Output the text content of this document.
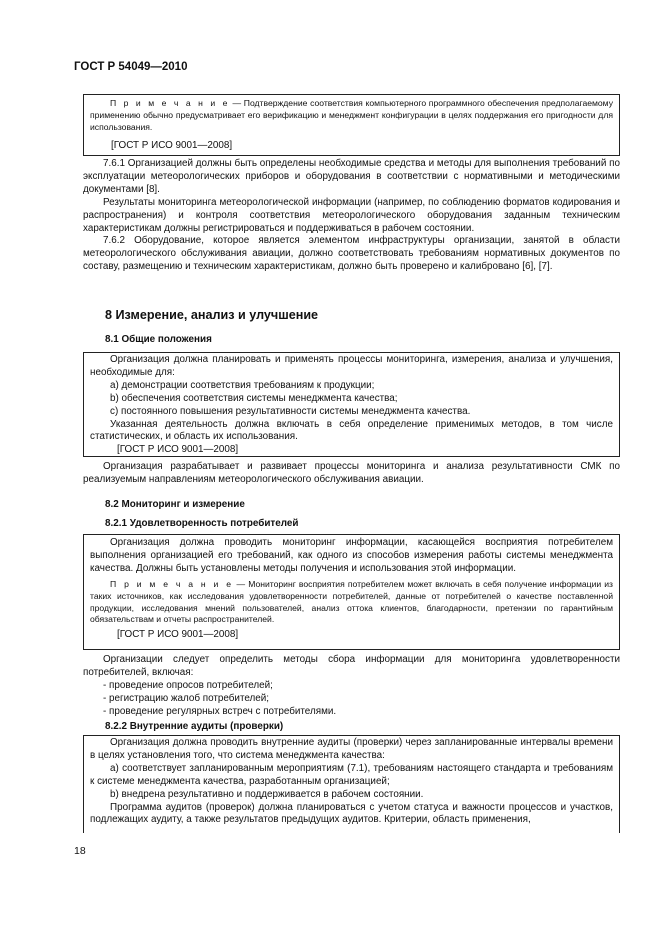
ГОСТ Р 54049—2010

П р и м е ч а н и е — Подтверждение соответствия компьютерного программного обеспечения предполагаемому применению обычно предусматривает его верификацию и менеджмент конфигурации в целях поддержания его пригодности для использования.

[ГОСТ Р ИСО 9001—2008]

7.6.1 Организацией должны быть определены необходимые средства и методы для выполнения требований по эксплуатации метеорологических приборов и оборудования в соответствии с нормативными и методическими документами [8].

Результаты мониторинга метеорологической информации (например, по соблюдению форматов кодирования и распространения) и контроля соответствия метеорологического оборудования заданным техническим характеристикам должны регистрироваться и поддерживаться в рабочем состоянии.

7.6.2 Оборудование, которое является элементом инфраструктуры организации, занятой в области метеорологического обслуживания авиации, должно соответствовать требованиям нормативных документов по составу, размещению и техническим характеристикам, должно быть проверено и калибровано [6], [7].

8 Измерение, анализ и улучшение
8.1 Общие положения

Организация должна планировать и применять процессы мониторинга, измерения, анализа и улучшения, необходимые для:

a) демонстрации соответствия требованиям к продукции;

b) обеспечения соответствия системы менеджмента качества;

c) постоянного повышения результативности системы менеджмента качества.

Указанная деятельность должна включать в себя определение применимых методов, в том числе статистических, и область их использования.

[ГОСТ Р ИСО 9001—2008]

Организация разрабатывает и развивает процессы мониторинга и анализа результативности СМК по реализуемым направлениям метеорологического обслуживания авиации.

8.2 Мониторинг и измерение
8.2.1 Удовлетворенность потребителей

Организация должна проводить мониторинг информации, касающейся восприятия потребителем выполнения организацией его требований, как одного из способов измерения работы системы менеджмента качества. Должны быть установлены методы получения и использования этой информации.

П р и м е ч а н и е — Мониторинг восприятия потребителем может включать в себя получение информации из таких источников, как исследования удовлетворенности потребителей, данные от потребителей о качестве поставленной продукции, исследования мнений пользователей, анализ оттока клиентов, благодарности, претензии по гарантийным обязательствам и отчеты распространителей.

[ГОСТ Р ИСО 9001—2008]

Организации следует определить методы сбора информации для мониторинга удовлетворенности потребителей, включая:

- проведение опросов потребителей;

- регистрацию жалоб потребителей;

- проведение регулярных встреч с потребителями.

8.2.2 Внутренние аудиты (проверки)

Организация должна проводить внутренние аудиты (проверки) через запланированные интервалы времени в целях установления того, что система менеджмента качества:

а) соответствует запланированным мероприятиям (7.1), требованиям настоящего стандарта и требованиям к системе менеджмента качества, разработанным организацией;

b) внедрена результативно и поддерживается в рабочем состоянии.

Программа аудитов (проверок) должна планироваться с учетом статуса и важности процессов и участков, подлежащих аудиту, а также результатов предыдущих аудитов. Критерии, область применения,

18
